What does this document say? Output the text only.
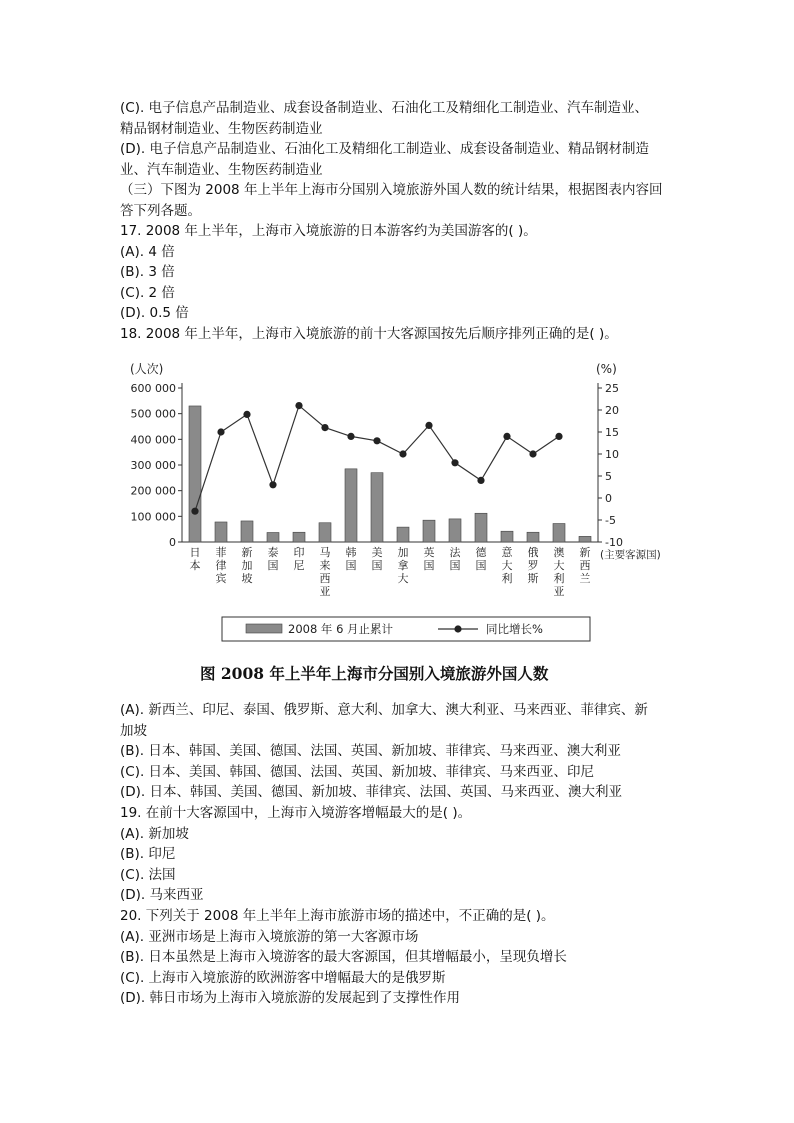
(C). 电子信息产品制造业、成套设备制造业、石油化工及精细化工制造业、汽车制造业、
精品钢材制造业、生物医药制造业
(D). 电子信息产品制造业、石油化工及精细化工制造业、成套设备制造业、精品钢材制造
业、汽车制造业、生物医药制造业
（三）下图为 2008 年上半年上海市分国别入境旅游外国人数的统计结果，根据图表内容回
答下列各题。
17. 2008 年上半年，上海市入境旅游的日本游客约为美国游客的( )。
(A). 4 倍
(B). 3 倍
(C). 2 倍
(D). 0.5 倍
18. 2008 年上半年，上海市入境旅游的前十大客源国按先后顺序排列正确的是( )。
(人次)	(%)
0
100 000
200 000
300 000
400 000
500 000
600 000
-10
-5
0
5
10
15
20
25
日本
菲律宾
新加坡
泰国
印尼
马来西亚
韩国
美国
加拿大
英国
法国
德国
意大利
俄罗斯
澳大利亚
新西兰
(主要客源国)
2008 年 6 月止累计	同比增长%
图 2008 年上半年上海市分国别入境旅游外国人数
(A). 新西兰、印尼、泰国、俄罗斯、意大利、加拿大、澳大利亚、马来西亚、菲律宾、新
加坡
(B). 日本、韩国、美国、德国、法国、英国、新加坡、菲律宾、马来西亚、澳大利亚
(C). 日本、美国、韩国、德国、法国、英国、新加坡、菲律宾、马来西亚、印尼
(D). 日本、韩国、美国、德国、新加坡、菲律宾、法国、英国、马来西亚、澳大利亚
19. 在前十大客源国中，上海市入境游客增幅最大的是( )。
(A). 新加坡
(B). 印尼
(C). 法国
(D). 马来西亚
20. 下列关于 2008 年上半年上海市旅游市场的描述中，不正确的是( )。
(A). 亚洲市场是上海市入境旅游的第一大客源市场
(B). 日本虽然是上海市入境游客的最大客源国，但其增幅最小，呈现负增长
(C). 上海市入境旅游的欧洲游客中增幅最大的是俄罗斯
(D). 韩日市场为上海市入境旅游的发展起到了支撑性作用
